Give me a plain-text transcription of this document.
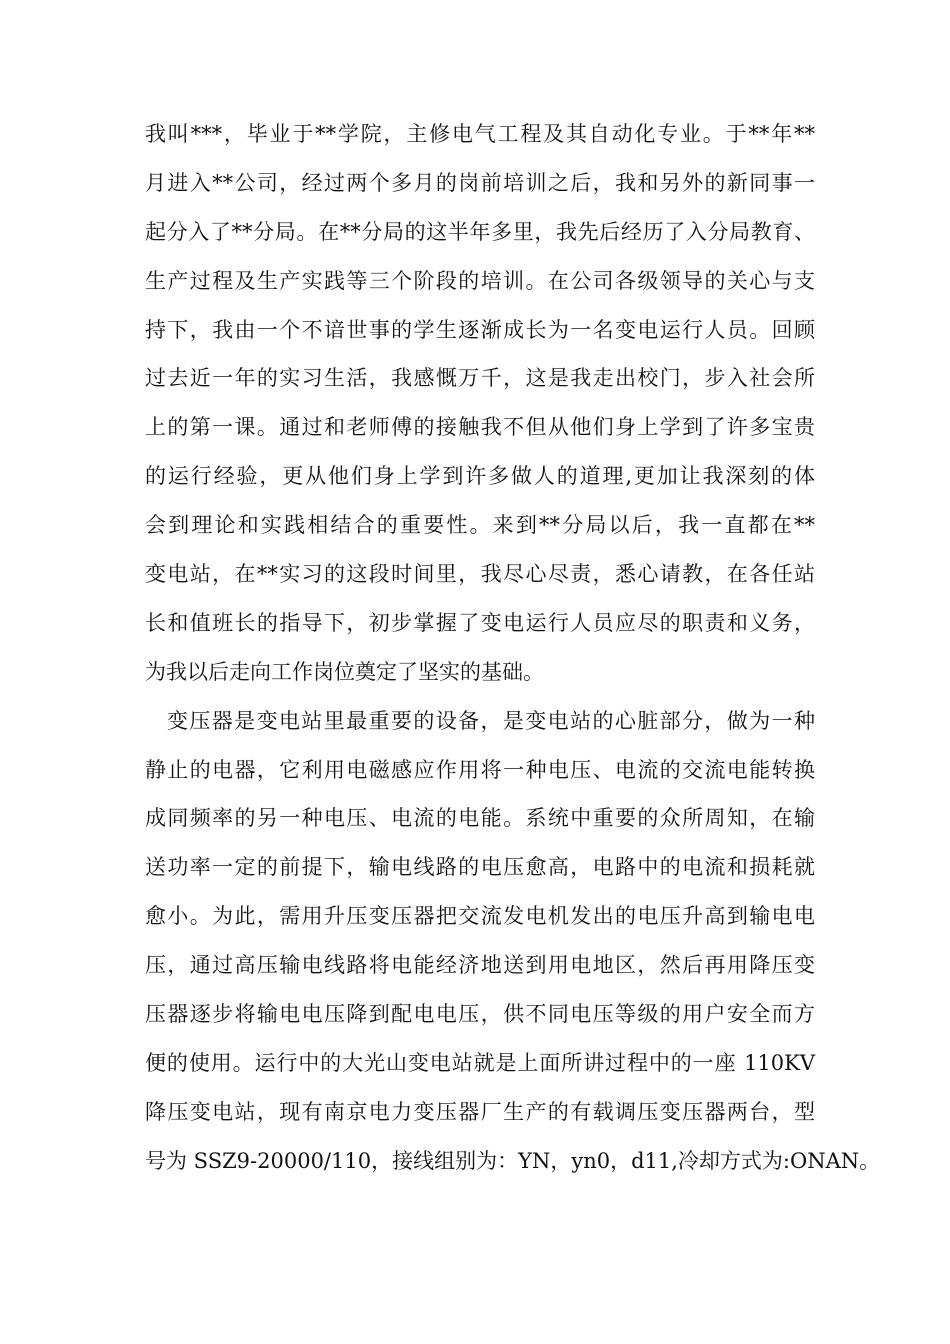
我叫***，毕业于**学院，主修电气工程及其自动化专业。于**年**
月进入**公司，经过两个多月的岗前培训之后，我和另外的新同事一
起分入了**分局。在**分局的这半年多里，我先后经历了入分局教育、
生产过程及生产实践等三个阶段的培训。在公司各级领导的关心与支
持下，我由一个不谙世事的学生逐渐成长为一名变电运行人员。回顾
过去近一年的实习生活，我感慨万千，这是我走出校门，步入社会所
上的第一课。通过和老师傅的接触我不但从他们身上学到了许多宝贵
的运行经验，更从他们身上学到许多做人的道理,更加让我深刻的体
会到理论和实践相结合的重要性。来到**分局以后，我一直都在**
变电站，在**实习的这段时间里，我尽心尽责，悉心请教，在各任站
长和值班长的指导下，初步掌握了变电运行人员应尽的职责和义务，
为我以后走向工作岗位奠定了坚实的基础。
变压器是变电站里最重要的设备，是变电站的心脏部分，做为一种
静止的电器，它利用电磁感应作用将一种电压、电流的交流电能转换
成同频率的另一种电压、电流的电能。系统中重要的众所周知，在输
送功率一定的前提下，输电线路的电压愈高，电路中的电流和损耗就
愈小。为此，需用升压变压器把交流发电机发出的电压升高到输电电
压，通过高压输电线路将电能经济地送到用电地区，然后再用降压变
压器逐步将输电电压降到配电电压，供不同电压等级的用户安全而方
便的使用。运行中的大光山变电站就是上面所讲过程中的一座 110KV
降压变电站，现有南京电力变压器厂生产的有载调压变压器两台，型
号为 SSZ9-20000/110，接线组别为：YN，yn0，d11,冷却方式为:ONAN。
